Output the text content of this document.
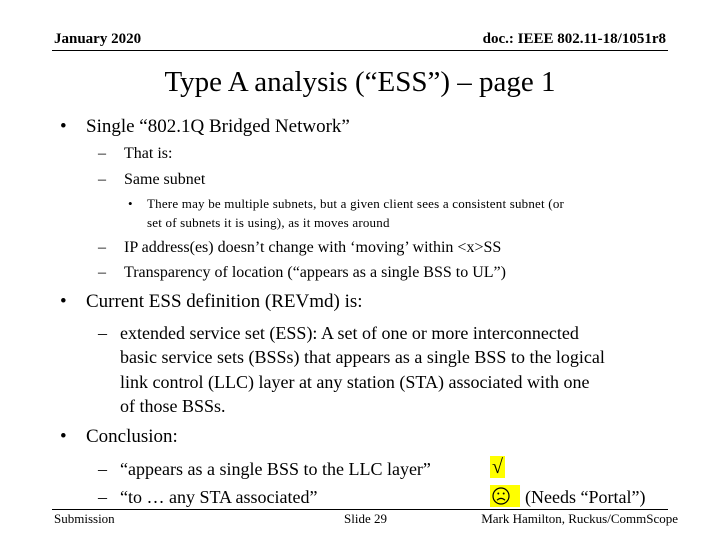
January 2020	doc.: IEEE 802.11-18/1051r8
Type A analysis (“ESS”) – page 1
• Single “802.1Q Bridged Network”
– That is:
– Same subnet
• There may be multiple subnets, but a given client sees a consistent subnet (or
set of subnets it is using), as it moves around
– IP address(es) doesn’t change with ‘moving’ within <x>SS
– Transparency of location (“appears as a single BSS to UL”)
• Current ESS definition (REVmd) is:
– extended service set (ESS): A set of one or more interconnected
basic service sets (BSSs) that appears as a single BSS to the logical
link control (LLC) layer at any station (STA) associated with one
of those BSSs.
• Conclusion:
– “appears as a single BSS to the LLC layer”	√
– “to … any STA associated”	(Needs “Portal”)
Submission	Slide 29	Mark Hamilton, Ruckus/CommScope
